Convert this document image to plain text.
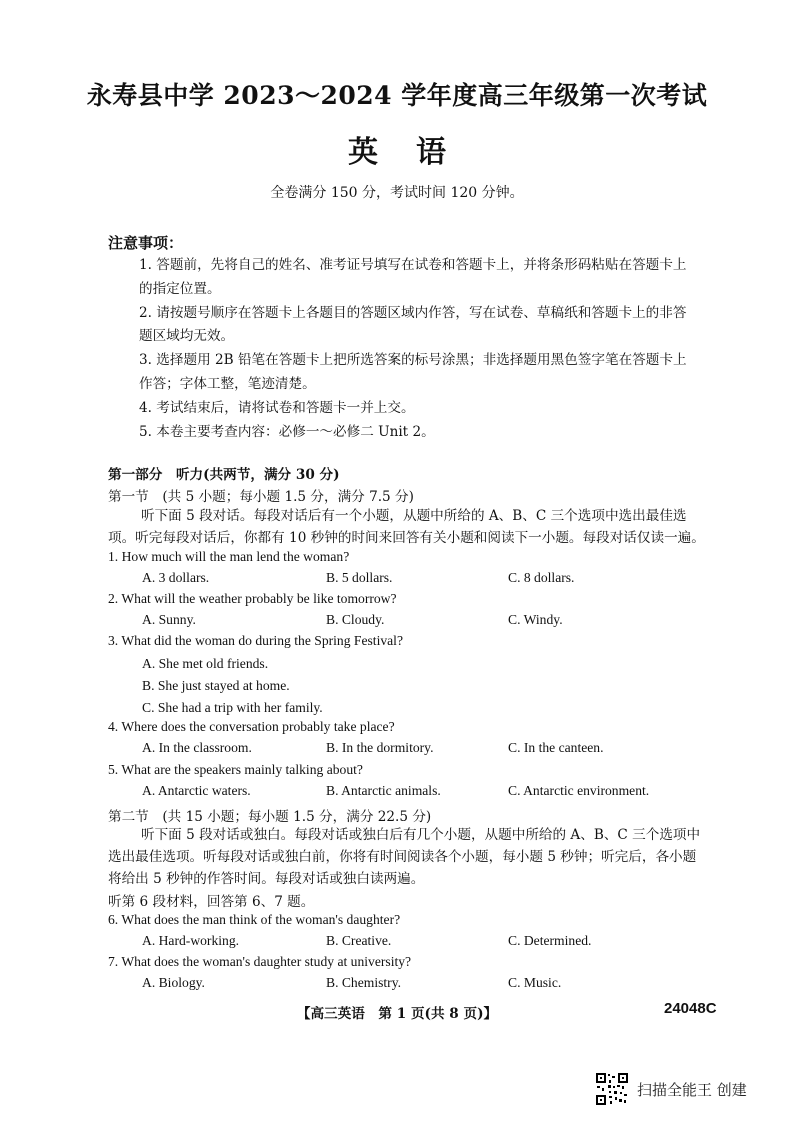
永寿县中学 2023～2024 学年度高三年级第一次考试
英语
全卷满分 150 分，考试时间 120 分钟。
注意事项：

1. 答题前，先将自己的姓名、准考证号填写在试卷和答题卡上，并将条形码粘贴在答题卡上的指定位置。

2. 请按题号顺序在答题卡上各题目的答题区域内作答，写在试卷、草稿纸和答题卡上的非答题区域均无效。

3. 选择题用 2B 铅笔在答题卡上把所选答案的标号涂黑；非选择题用黑色签字笔在答题卡上作答；字体工整，笔迹清楚。

4. 考试结束后，请将试卷和答题卡一并上交。

5. 本卷主要考查内容：必修一～必修二 Unit 2。

第一部分　听力(共两节，满分 30 分)
第一节　(共 5 小题；每小题 1.5 分，满分 7.5 分)
听下面 5 段对话。每段对话后有一个小题，从题中所给的 A、B、C 三个选项中选出最佳选项。听完每段对话后，你都有 10 秒钟的时间来回答有关小题和阅读下一小题。每段对话仅读一遍。
1. How much will the man lend the woman?
A. 3 dollars.	B. 5 dollars.	C. 8 dollars.
2. What will the weather probably be like tomorrow?
A. Sunny.	B. Cloudy.	C. Windy.
3. What did the woman do during the Spring Festival?
A. She met old friends.
B. She just stayed at home.
C. She had a trip with her family.
4. Where does the conversation probably take place?
A. In the classroom.	B. In the dormitory.	C. In the canteen.
5. What are the speakers mainly talking about?
A. Antarctic waters.	B. Antarctic animals.	C. Antarctic environment.
第二节　(共 15 小题；每小题 1.5 分，满分 22.5 分)
听下面 5 段对话或独白。每段对话或独白后有几个小题，从题中所给的 A、B、C 三个选项中选出最佳选项。听每段对话或独白前，你将有时间阅读各个小题，每小题 5 秒钟；听完后，各小题将给出 5 秒钟的作答时间。每段对话或独白读两遍。
听第 6 段材料，回答第 6、7 题。
6. What does the man think of the woman's daughter?
A. Hard-working.	B. Creative.	C. Determined.
7. What does the woman's daughter study at university?
A. Biology.	B. Chemistry.	C. Music.
【高三英语　第 1 页(共 8 页)】	24048C
扫描全能王 创建
